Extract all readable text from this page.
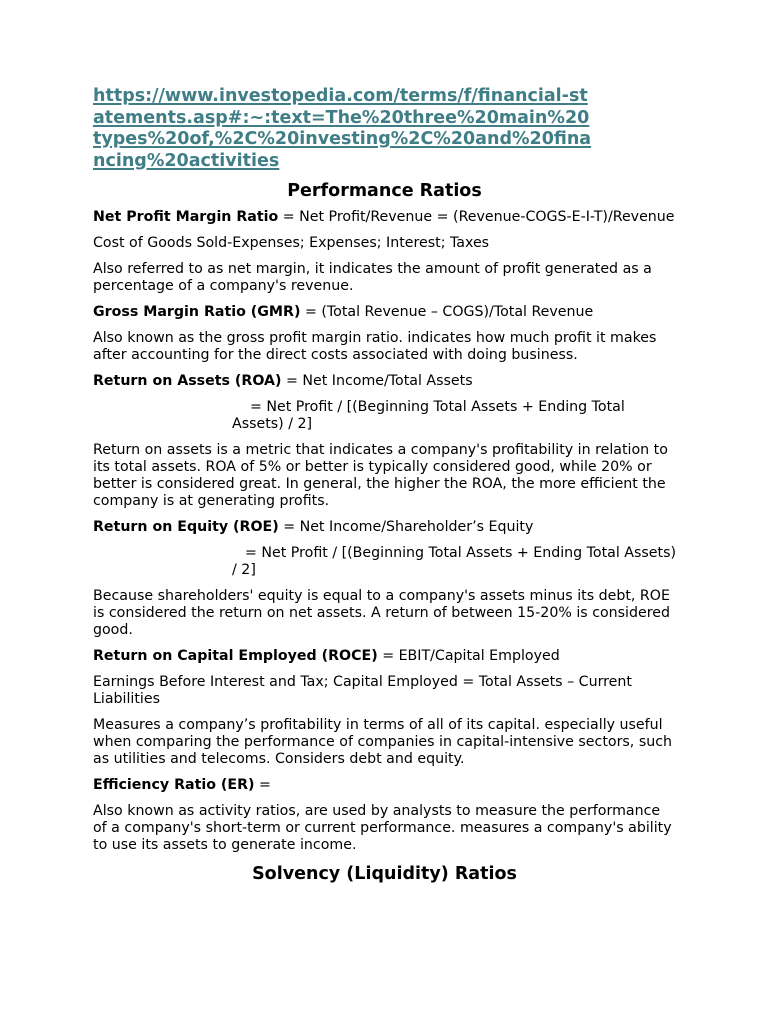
https://www.investopedia.com/terms/f/financial-statements.asp#:~:text=The%20three%20main%20types%20of,%2C%20investing%2C%20and%20financing%20activities
Performance Ratios

Net Profit Margin Ratio = Net Profit/Revenue = (Revenue-COGS-E-I-T)/Revenue

Cost of Goods Sold-Expenses; Expenses; Interest; Taxes

Also referred to as net margin, it indicates the amount of profit generated as a percentage of a company's revenue.

Gross Margin Ratio (GMR) = (Total Revenue – COGS)/Total Revenue

Also known as the gross profit margin ratio. indicates how much profit it makes after accounting for the direct costs associated with doing business.

Return on Assets (ROA) = Net Income/Total Assets

= Net Profit / [(Beginning Total Assets + Ending Total Assets) / 2]

Return on assets is a metric that indicates a company's profitability in relation to its total assets. ROA of 5% or better is typically considered good, while 20% or better is considered great. In general, the higher the ROA, the more efficient the company is at generating profits.

Return on Equity (ROE) = Net Income/Shareholder’s Equity

= Net Profit / [(Beginning Total Assets + Ending Total Assets) / 2]

Because shareholders' equity is equal to a company's assets minus its debt, ROE is considered the return on net assets. A return of between 15-20% is considered good.

Return on Capital Employed (ROCE) = EBIT/Capital Employed

Earnings Before Interest and Tax; Capital Employed = Total Assets – Current Liabilities

Measures a company’s profitability in terms of all of its capital. especially useful when comparing the performance of companies in capital-intensive sectors, such as utilities and telecoms. Considers debt and equity.

Efficiency Ratio (ER) =

Also known as activity ratios, are used by analysts to measure the performance of a company's short-term or current performance. measures a company's ability to use its assets to generate income.

Solvency (Liquidity) Ratios
